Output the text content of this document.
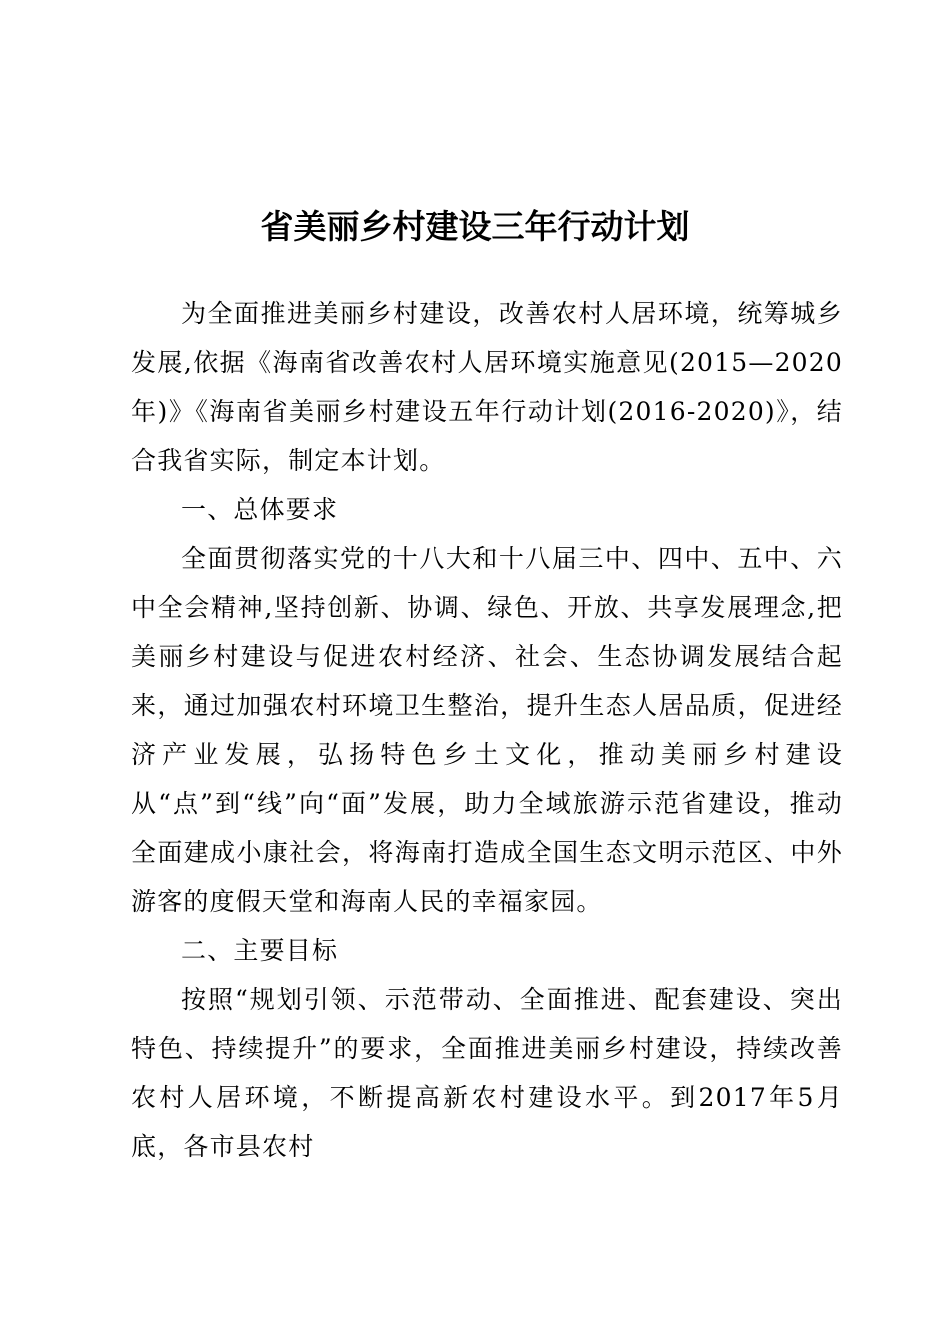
省美丽乡村建设三年行动计划

为全面推进美丽乡村建设，改善农村人居环境，统筹城乡发展,依据《海南省改善农村人居环境实施意见(2015—2020年)》《海南省美丽乡村建设五年行动计划(2016-2020)》，结合我省实际，制定本计划。

一、总体要求

全面贯彻落实党的十八大和十八届三中、四中、五中、六中全会精神,坚持创新、协调、绿色、开放、共享发展理念,把美丽乡村建设与促进农村经济、社会、生态协调发展结合起来，通过加强农村环境卫生整治，提升生态人居品质，促进经济产业发展，弘扬特色乡土文化，推动美丽乡村建设从“点”到“线”向“面”发展，助力全域旅游示范省建设，推动全面建成小康社会，将海南打造成全国生态文明示范区、中外游客的度假天堂和海南人民的幸福家园。

二、主要目标

按照“规划引领、示范带动、全面推进、配套建设、突出特色、持续提升”的要求，全面推进美丽乡村建设，持续改善农村人居环境，不断提高新农村建设水平。到2017年5月底，各市县农村
